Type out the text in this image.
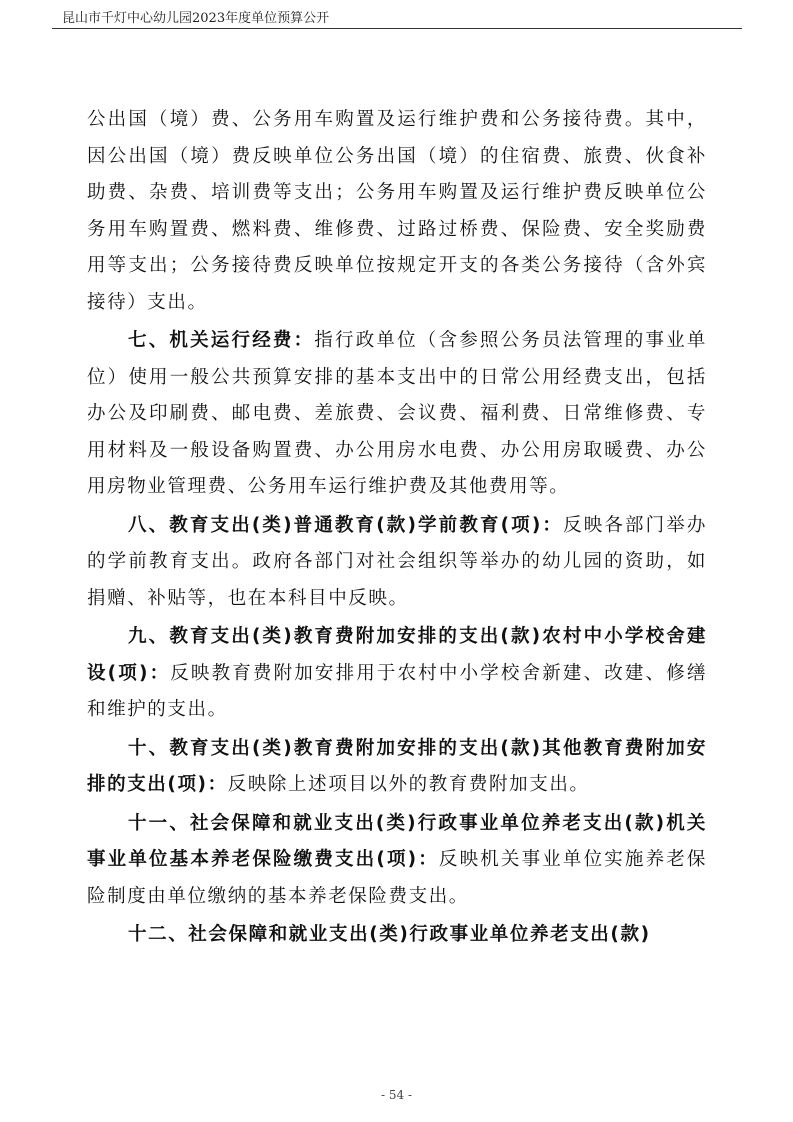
昆山市千灯中心幼儿园2023年度单位预算公开

公出国（境）费、公务用车购置及运行维护费和公务接待费。其中，因公出国（境）费反映单位公务出国（境）的住宿费、旅费、伙食补助费、杂费、培训费等支出；公务用车购置及运行维护费反映单位公务用车购置费、燃料费、维修费、过路过桥费、保险费、安全奖励费用等支出；公务接待费反映单位按规定开支的各类公务接待（含外宾接待）支出。

七、机关运行经费：指行政单位（含参照公务员法管理的事业单位）使用一般公共预算安排的基本支出中的日常公用经费支出，包括办公及印刷费、邮电费、差旅费、会议费、福利费、日常维修费、专用材料及一般设备购置费、办公用房水电费、办公用房取暖费、办公用房物业管理费、公务用车运行维护费及其他费用等。

八、教育支出(类)普通教育(款)学前教育(项)：反映各部门举办的学前教育支出。政府各部门对社会组织等举办的幼儿园的资助，如捐赠、补贴等，也在本科目中反映。

九、教育支出(类)教育费附加安排的支出(款)农村中小学校舍建设(项)：反映教育费附加安排用于农村中小学校舍新建、改建、修缮和维护的支出。

十、教育支出(类)教育费附加安排的支出(款)其他教育费附加安排的支出(项)：反映除上述项目以外的教育费附加支出。

十一、社会保障和就业支出(类)行政事业单位养老支出(款)机关事业单位基本养老保险缴费支出(项)：反映机关事业单位实施养老保险制度由单位缴纳的基本养老保险费支出。

十二、社会保障和就业支出(类)行政事业单位养老支出(款)

- 54 -
